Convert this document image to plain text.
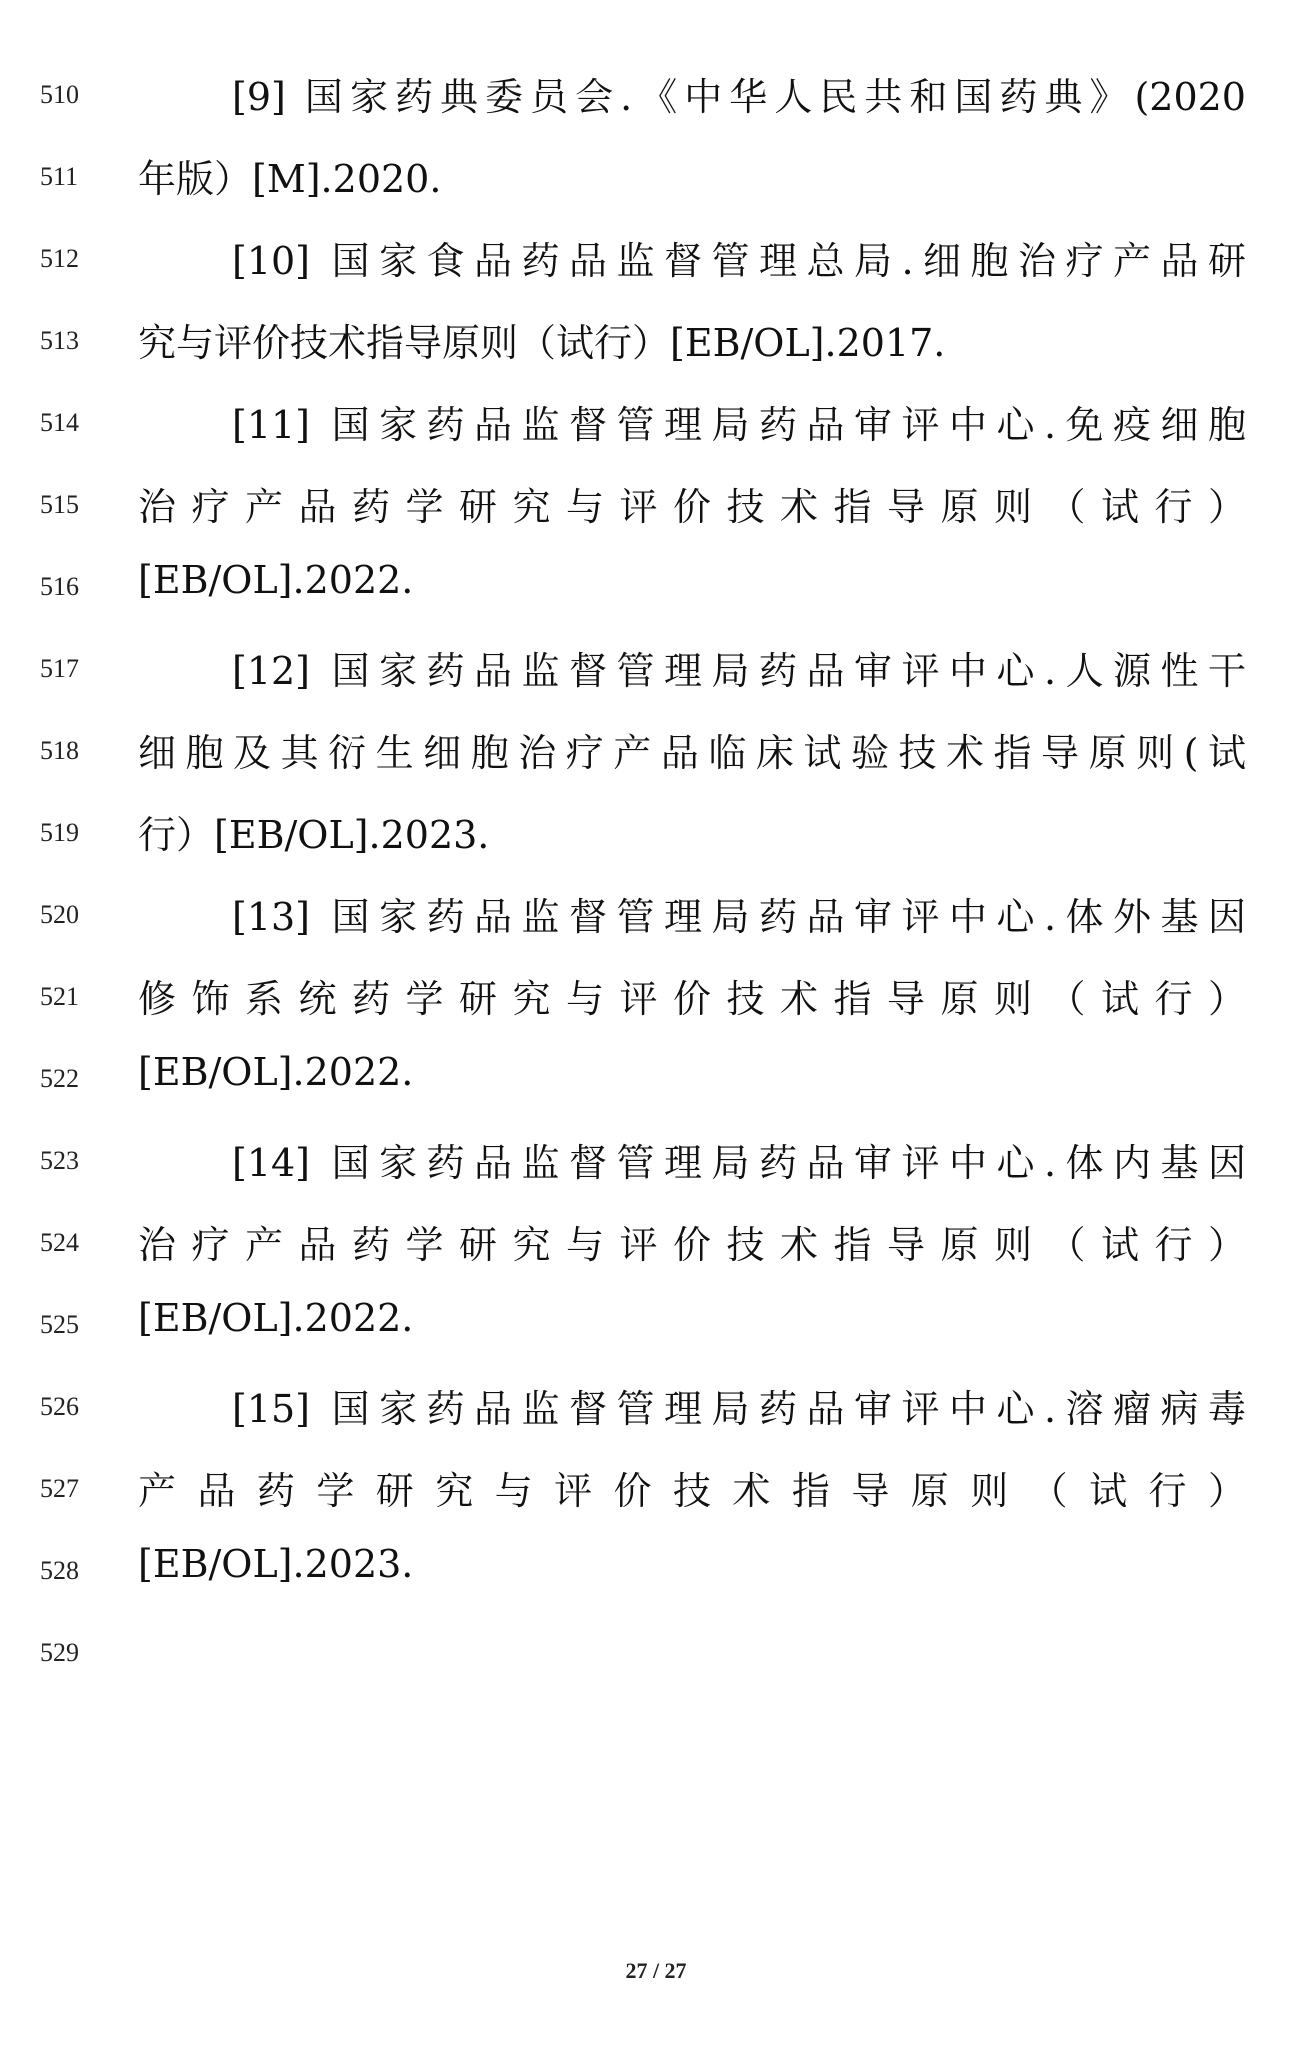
510	[9] 国家药典委员会.《中华人民共和国药典》(2020
511	年版）[M].2020.
512	[10] 国家食品药品监督管理总局.细胞治疗产品研
513	究与评价技术指导原则（试行）[EB/OL].2017.
514	[11] 国家药品监督管理局药品审评中心.免疫细胞
515	治疗产品药学研究与评价技术指导原则（试行）
516	[EB/OL].2022.
517	[12] 国家药品监督管理局药品审评中心.人源性干
518	细胞及其衍生细胞治疗产品临床试验技术指导原则(试
519	行）[EB/OL].2023.
520	[13] 国家药品监督管理局药品审评中心.体外基因
521	修饰系统药学研究与评价技术指导原则（试行）
522	[EB/OL].2022.
523	[14] 国家药品监督管理局药品审评中心.体内基因
524	治疗产品药学研究与评价技术指导原则（试行）
525	[EB/OL].2022.
526	[15] 国家药品监督管理局药品审评中心.溶瘤病毒
527	产品药学研究与评价技术指导原则（试行）
528	[EB/OL].2023.
529
27 / 27
